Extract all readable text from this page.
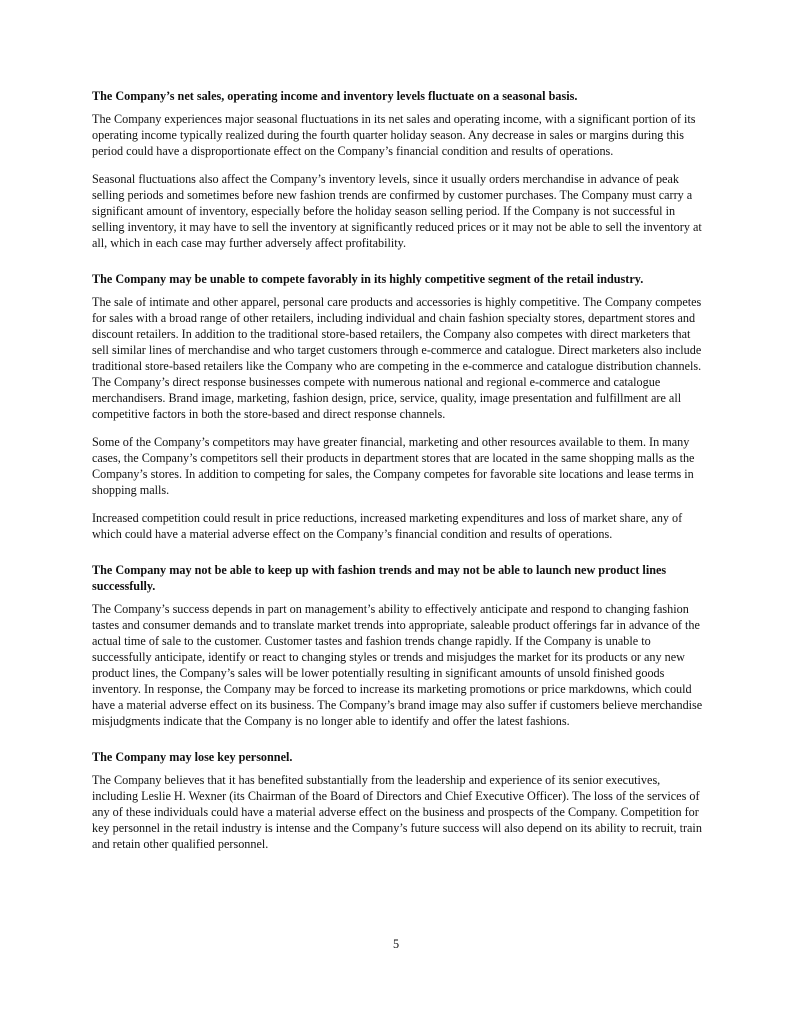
The Company’s net sales, operating income and inventory levels fluctuate on a seasonal basis.

The Company experiences major seasonal fluctuations in its net sales and operating income, with a significant portion of its operating income typically realized during the fourth quarter holiday season. Any decrease in sales or margins during this period could have a disproportionate effect on the Company’s financial condition and results of operations.

Seasonal fluctuations also affect the Company’s inventory levels, since it usually orders merchandise in advance of peak selling periods and sometimes before new fashion trends are confirmed by customer purchases. The Company must carry a significant amount of inventory, especially before the holiday season selling period. If the Company is not successful in selling inventory, it may have to sell the inventory at significantly reduced prices or it may not be able to sell the inventory at all, which in each case may further adversely affect profitability.

The Company may be unable to compete favorably in its highly competitive segment of the retail industry.

The sale of intimate and other apparel, personal care products and accessories is highly competitive. The Company competes for sales with a broad range of other retailers, including individual and chain fashion specialty stores, department stores and discount retailers. In addition to the traditional store-based retailers, the Company also competes with direct marketers that sell similar lines of merchandise and who target customers through e-commerce and catalogue. Direct marketers also include traditional store-based retailers like the Company who are competing in the e-commerce and catalogue distribution channels. The Company’s direct response businesses compete with numerous national and regional e-commerce and catalogue merchandisers. Brand image, marketing, fashion design, price, service, quality, image presentation and fulfillment are all competitive factors in both the store-based and direct response channels.

Some of the Company’s competitors may have greater financial, marketing and other resources available to them. In many cases, the Company’s competitors sell their products in department stores that are located in the same shopping malls as the Company’s stores. In addition to competing for sales, the Company competes for favorable site locations and lease terms in shopping malls.

Increased competition could result in price reductions, increased marketing expenditures and loss of market share, any of which could have a material adverse effect on the Company’s financial condition and results of operations.

The Company may not be able to keep up with fashion trends and may not be able to launch new product lines successfully.

The Company’s success depends in part on management’s ability to effectively anticipate and respond to changing fashion tastes and consumer demands and to translate market trends into appropriate, saleable product offerings far in advance of the actual time of sale to the customer. Customer tastes and fashion trends change rapidly. If the Company is unable to successfully anticipate, identify or react to changing styles or trends and misjudges the market for its products or any new product lines, the Company’s sales will be lower potentially resulting in significant amounts of unsold finished goods inventory. In response, the Company may be forced to increase its marketing promotions or price markdowns, which could have a material adverse effect on its business. The Company’s brand image may also suffer if customers believe merchandise misjudgments indicate that the Company is no longer able to identify and offer the latest fashions.

The Company may lose key personnel.

The Company believes that it has benefited substantially from the leadership and experience of its senior executives, including Leslie H. Wexner (its Chairman of the Board of Directors and Chief Executive Officer). The loss of the services of any of these individuals could have a material adverse effect on the business and prospects of the Company. Competition for key personnel in the retail industry is intense and the Company’s future success will also depend on its ability to recruit, train and retain other qualified personnel.

5
